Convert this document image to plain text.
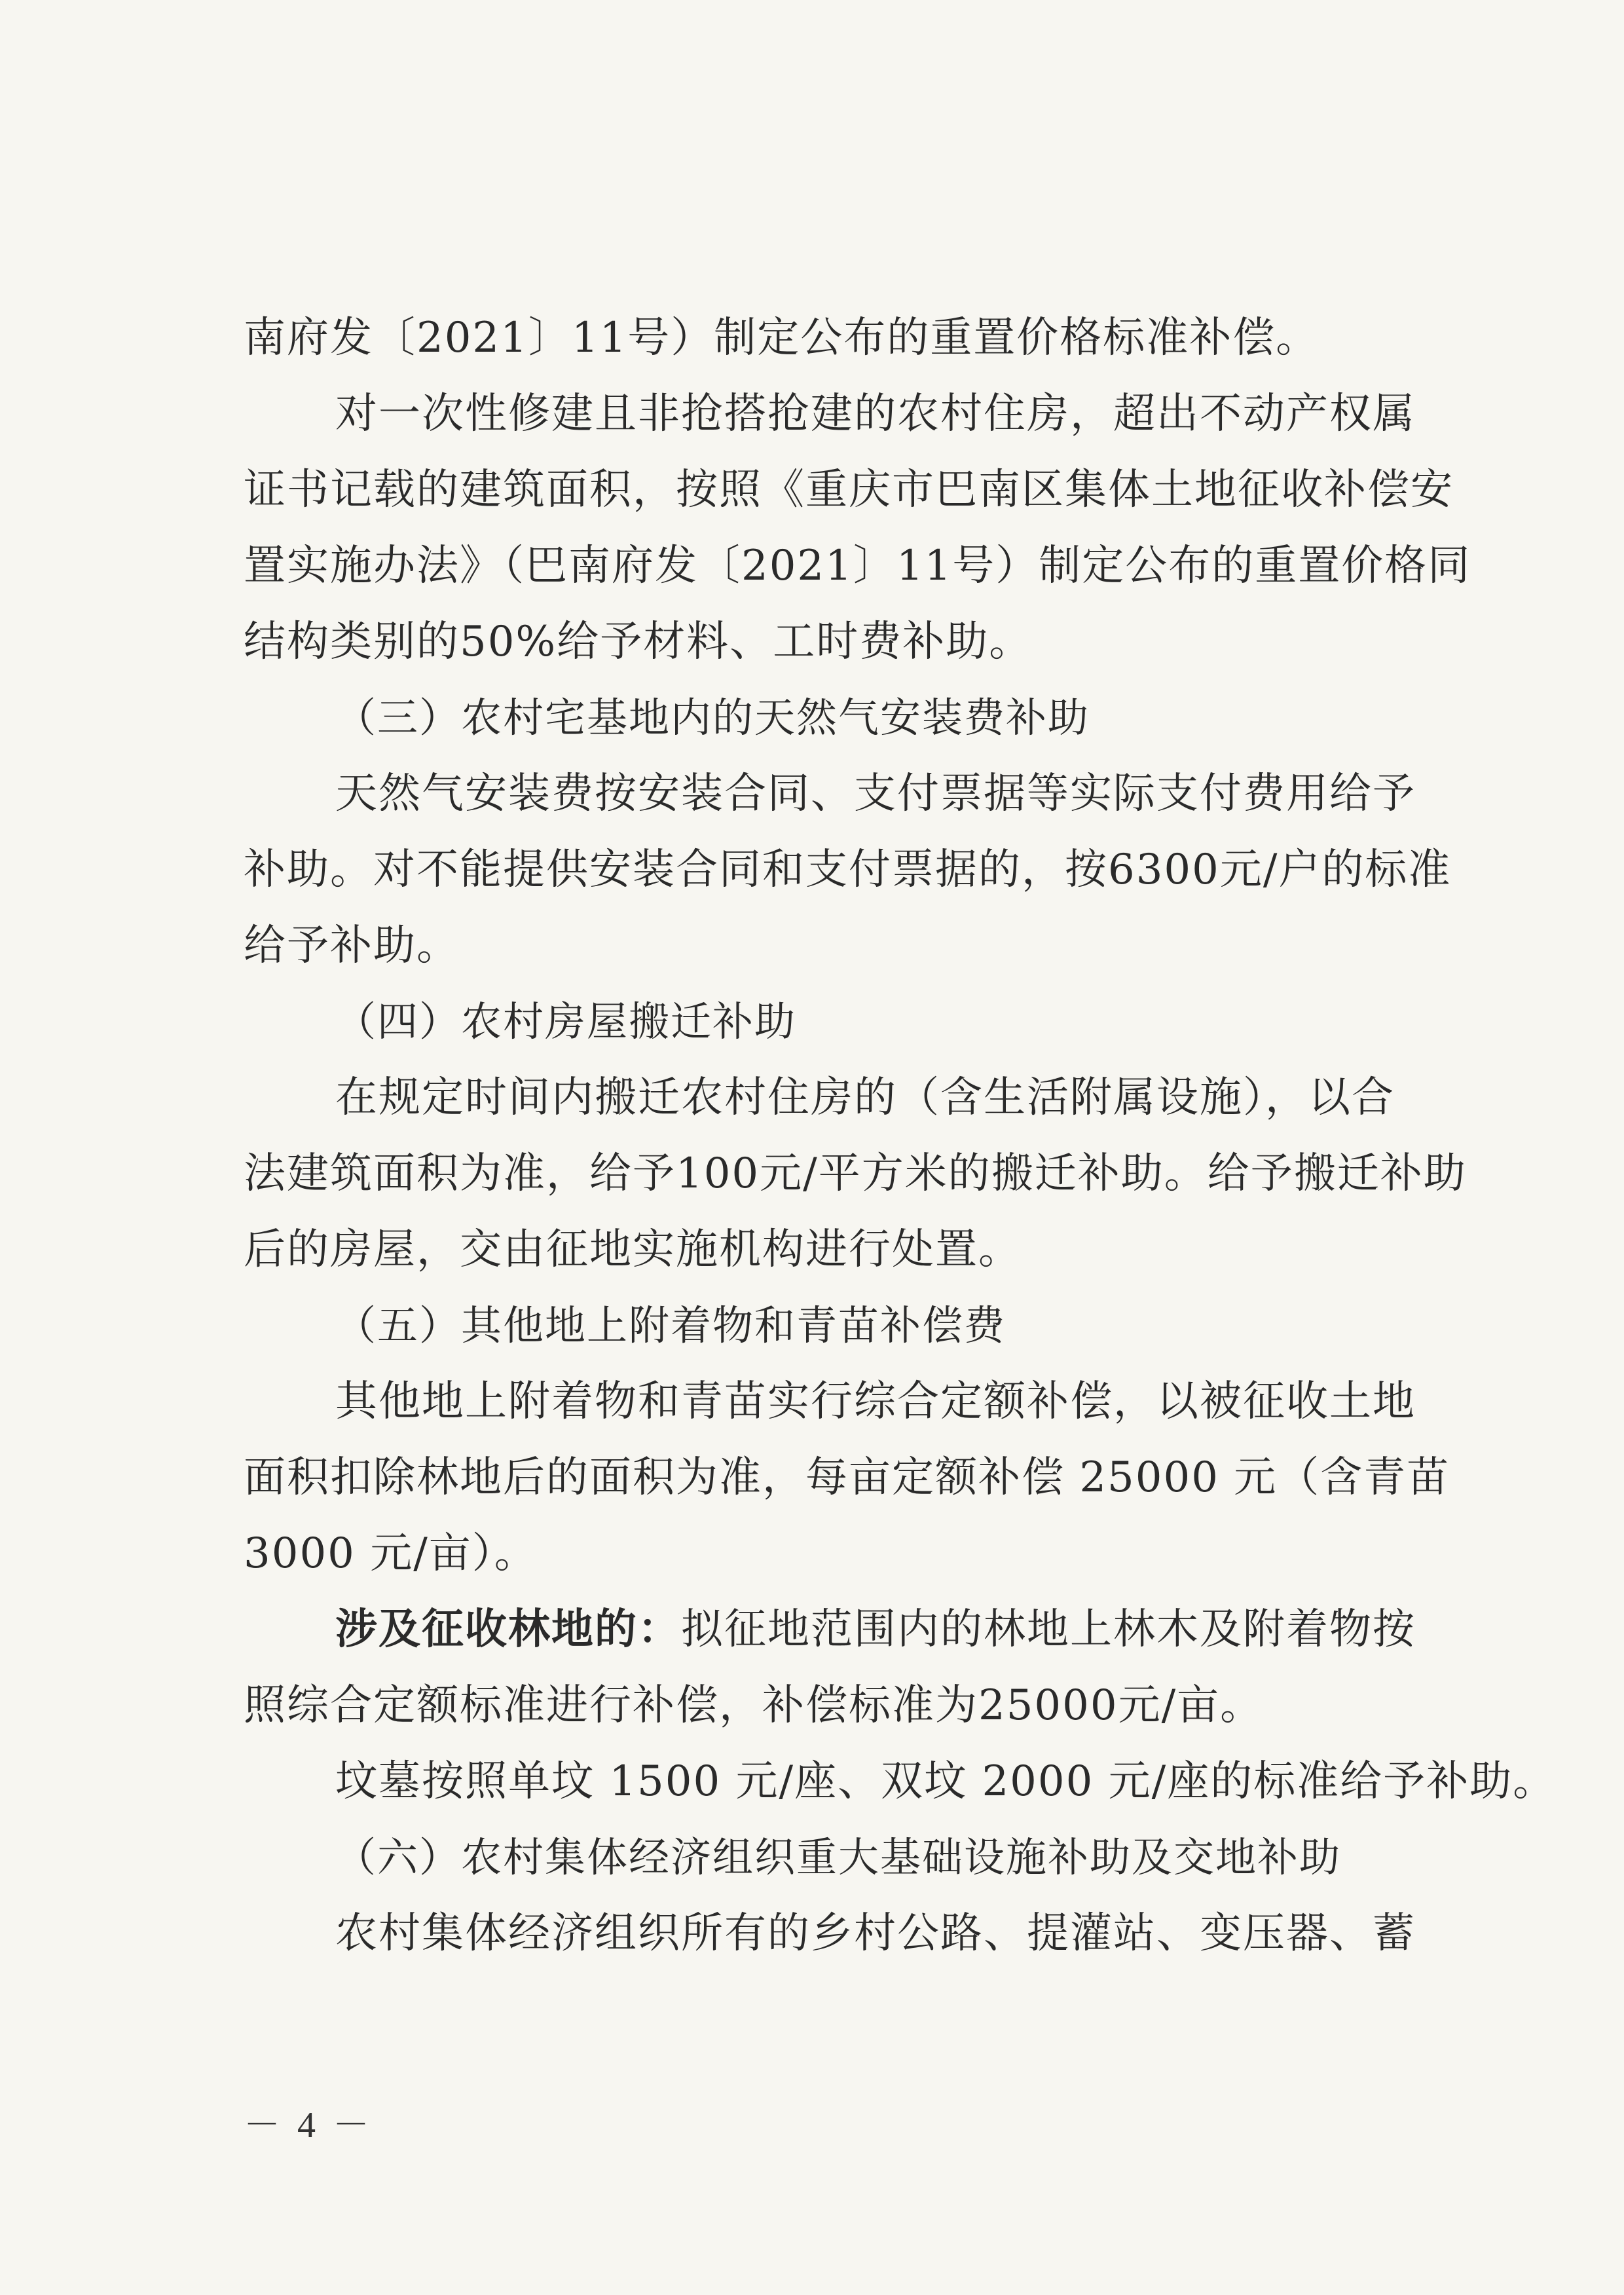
南府发〔2021〕11号）制定公布的重置价格标准补偿。
对一次性修建且非抢搭抢建的农村住房，超出不动产权属
证书记载的建筑面积，按照《重庆市巴南区集体土地征收补偿安
置实施办法》（巴南府发〔2021〕11号）制定公布的重置价格同
结构类别的50%给予材料、工时费补助。
（三）农村宅基地内的天然气安装费补助
天然气安装费按安装合同、支付票据等实际支付费用给予
补助。对不能提供安装合同和支付票据的，按6300元/户的标准
给予补助。
（四）农村房屋搬迁补助
在规定时间内搬迁农村住房的（含生活附属设施），以合
法建筑面积为准，给予100元/平方米的搬迁补助。给予搬迁补助
后的房屋，交由征地实施机构进行处置。
（五）其他地上附着物和青苗补偿费
其他地上附着物和青苗实行综合定额补偿，以被征收土地
面积扣除林地后的面积为准，每亩定额补偿 25000 元（含青苗
3000 元/亩）。
涉及征收林地的：拟征地范围内的林地上林木及附着物按
照综合定额标准进行补偿，补偿标准为25000元/亩。
坟墓按照单坟 1500 元/座、双坟 2000 元/座的标准给予补助。
（六）农村集体经济组织重大基础设施补助及交地补助
农村集体经济组织所有的乡村公路、提灌站、变压器、蓄
－ 4 －
